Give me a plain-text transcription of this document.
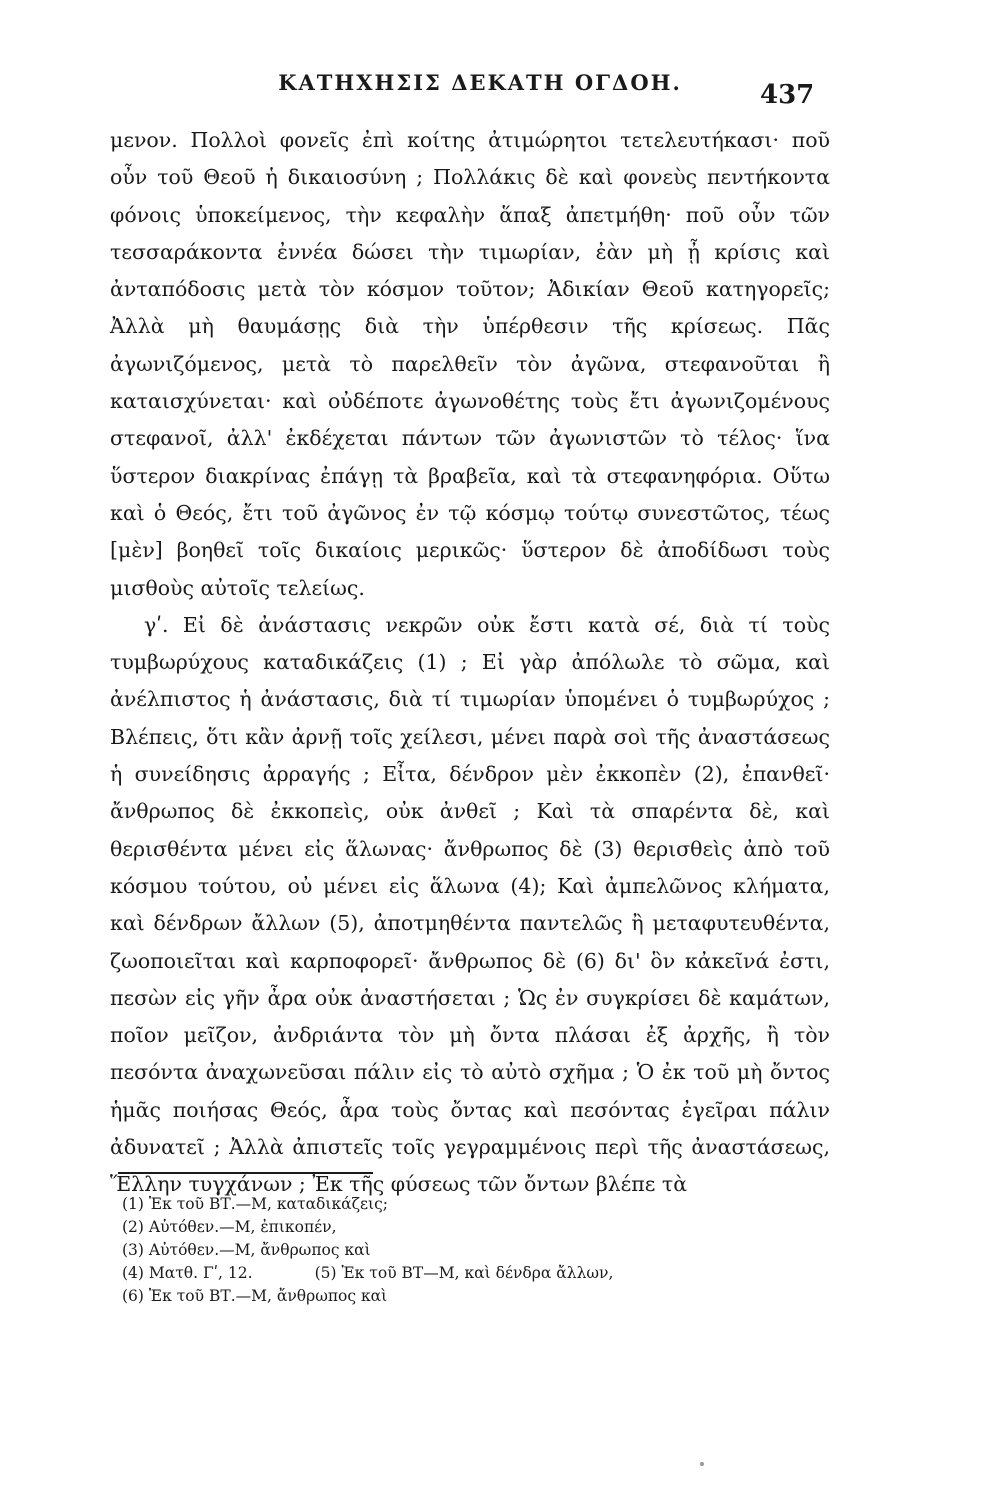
ΚΑΤΗΧΗΣΙΣ ΔΕΚΑΤΗ ΟΓΔΟΗ.	437

μενον. Πολλοὶ φονεῖς ἐπὶ κοίτης ἀτιμώρητοι τετελευτήκασι· ποῦ οὖν τοῦ Θεοῦ ἡ δικαιοσύνη ; Πολλάκις δὲ καὶ φονεὺς πεντήκοντα φόνοις ὑποκείμενος, τὴν κεφαλὴν ἅπαξ ἀπετμήθη· ποῦ οὖν τῶν τεσσαράκοντα ἐννέα δώσει τὴν τιμωρίαν, ἐὰν μὴ ᾖ κρίσις καὶ ἀνταπόδοσις μετὰ τὸν κόσμον τοῦτον; Ἀδικίαν Θεοῦ κατηγορεῖς; Ἀλλὰ μὴ θαυμάσῃς διὰ τὴν ὑπέρθεσιν τῆς κρίσεως. Πᾶς ἀγωνιζόμενος, μετὰ τὸ παρελθεῖν τὸν ἀγῶνα, στεφανοῦται ἢ καταισχύνεται· καὶ οὐδέποτε ἀγωνοθέτης τοὺς ἔτι ἀγωνιζομένους στεφανοῖ, ἀλλ' ἐκδέχεται πάντων τῶν ἀγωνιστῶν τὸ τέλος· ἵνα ὕστερον διακρίνας ἐπάγῃ τὰ βραβεῖα, καὶ τὰ στεφανηφόρια. Οὕτω καὶ ὁ Θεός, ἔτι τοῦ ἀγῶνος ἐν τῷ κόσμῳ τούτῳ συνεστῶτος, τέως [μὲν] βοηθεῖ τοῖς δικαίοις μερικῶς· ὕστερον δὲ ἀποδίδωσι τοὺς μισθοὺς αὐτοῖς τελείως.

γʹ. Εἰ δὲ ἀνάστασις νεκρῶν οὐκ ἔστι κατὰ σέ, διὰ τί τοὺς τυμβωρύχους καταδικάζεις (1) ; Εἰ γὰρ ἀπόλωλε τὸ σῶμα, καὶ ἀνέλπιστος ἡ ἀνάστασις, διὰ τί τιμωρίαν ὑπομένει ὁ τυμβωρύχος ; Βλέπεις, ὅτι κἂν ἀρνῇ τοῖς χείλεσι, μένει παρὰ σοὶ τῆς ἀναστάσεως ἡ συνείδησις ἀρραγής ; Εἶτα, δένδρον μὲν ἐκκοπὲν (2), ἐπανθεῖ· ἄνθρωπος δὲ ἐκκοπεὶς, οὐκ ἀνθεῖ ; Καὶ τὰ σπαρέντα δὲ, καὶ θερισθέντα μένει εἰς ἅλωνας· ἄνθρωπος δὲ (3) θερισθεὶς ἀπὸ τοῦ κόσμου τούτου, οὐ μένει εἰς ἅλωνα (4); Καὶ ἀμπελῶνος κλήματα, καὶ δένδρων ἄλλων (5), ἀποτμηθέντα παντελῶς ἢ μεταφυτευθέντα, ζωοποιεῖται καὶ καρποφορεῖ· ἄνθρωπος δὲ (6) δι' ὃν κἀκεῖνά ἐστι, πεσὼν εἰς γῆν ἆρα οὐκ ἀναστήσεται ; Ὡς ἐν συγκρίσει δὲ καμάτων, ποῖον μεῖζον, ἀνδριάντα τὸν μὴ ὄντα πλάσαι ἐξ ἀρχῆς, ἢ τὸν πεσόντα ἀναχωνεῦσαι πάλιν εἰς τὸ αὐτὸ σχῆμα ; Ὁ ἐκ τοῦ μὴ ὄντος ἡμᾶς ποιήσας Θεός, ἆρα τοὺς ὄντας καὶ πεσόντας ἐγεῖραι πάλιν ἀδυνατεῖ ; Ἀλλὰ ἀπιστεῖς τοῖς γεγραμμένοις περὶ τῆς ἀναστάσεως, Ἕλλην τυγχάνων ; Ἐκ τῆς φύσεως τῶν ὄντων βλέπε τὰ

(1) Ἐκ τοῦ ΒΤ.—Μ, καταδικάζεις;
(2) Αὐτόθεν.—Μ, ἐπικοπέν,
(3) Αὐτόθεν.—Μ, ἄνθρωπος καὶ
(4) Ματθ. Γʹ, 12.	(5) Ἐκ τοῦ ΒΤ—Μ, καὶ δένδρα ἄλλων,
(6) Ἐκ τοῦ ΒΤ.—Μ, ἄνθρωπος καὶ
